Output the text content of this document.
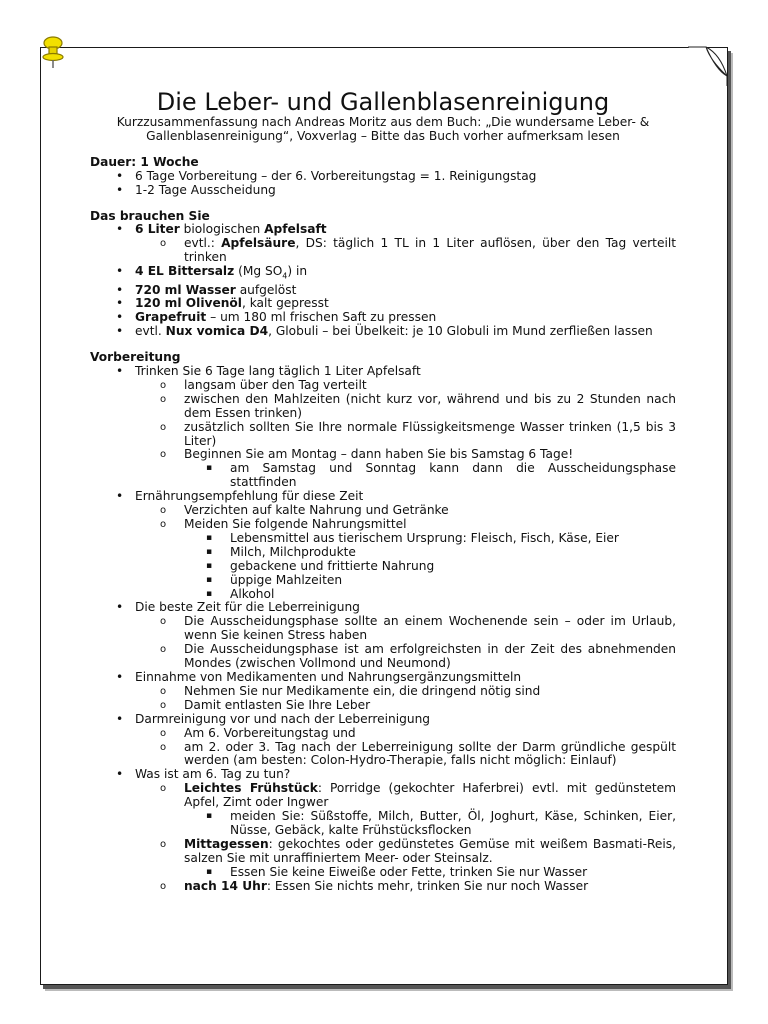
Die Leber- und Gallenblasenreinigung
Kurzzusammenfassung nach Andreas Moritz aus dem Buch: „Die wundersame Leber- &
Gallenblasenreinigung“, Voxverlag – Bitte das Buch vorher aufmerksam lesen
Dauer: 1 Woche
• 6 Tage Vorbereitung – der 6. Vorbereitungstag = 1. Reinigungstag
• 1-2 Tage Ausscheidung
Das brauchen Sie
• 6 Liter biologischen Apfelsaft
o evtl.: Apfelsäure, DS: täglich 1 TL in 1 Liter auflösen, über den Tag verteilt trinken
• 4 EL Bittersalz (Mg $SO_4$) in
• 720 ml Wasser aufgelöst
• 120 ml Olivenöl, kalt gepresst
• Grapefruit – um 180 ml frischen Saft zu pressen
• evtl. Nux vomica D4, Globuli – bei Übelkeit: je 10 Globuli im Mund zerfließen lassen
Vorbereitung
• Trinken Sie 6 Tage lang täglich 1 Liter Apfelsaft
o langsam über den Tag verteilt
o zwischen den Mahlzeiten (nicht kurz vor, während und bis zu 2 Stunden nach dem Essen trinken)
o zusätzlich sollten Sie Ihre normale Flüssigkeitsmenge Wasser trinken (1,5 bis 3 Liter)
o Beginnen Sie am Montag – dann haben Sie bis Samstag 6 Tage!
▪ am Samstag und Sonntag kann dann die Ausscheidungsphase stattfinden
• Ernährungsempfehlung für diese Zeit
o Verzichten auf kalte Nahrung und Getränke
o Meiden Sie folgende Nahrungsmittel
▪ Lebensmittel aus tierischem Ursprung: Fleisch, Fisch, Käse, Eier
▪ Milch, Milchprodukte
▪ gebackene und frittierte Nahrung
▪ üppige Mahlzeiten
▪ Alkohol
• Die beste Zeit für die Leberreinigung
o Die Ausscheidungsphase sollte an einem Wochenende sein – oder im Urlaub, wenn Sie keinen Stress haben
o Die Ausscheidungsphase ist am erfolgreichsten in der Zeit des abnehmenden Mondes (zwischen Vollmond und Neumond)
• Einnahme von Medikamenten und Nahrungsergänzungsmitteln
o Nehmen Sie nur Medikamente ein, die dringend nötig sind
o Damit entlasten Sie Ihre Leber
• Darmreinigung vor und nach der Leberreinigung
o Am 6. Vorbereitungstag und
o am 2. oder 3. Tag nach der Leberreinigung sollte der Darm gründliche gespült werden (am besten: Colon-Hydro-Therapie, falls nicht möglich: Einlauf)
• Was ist am 6. Tag zu tun?
o Leichtes Frühstück: Porridge (gekochter Haferbrei) evtl. mit gedünstetem Apfel, Zimt oder Ingwer
▪ meiden Sie: Süßstoffe, Milch, Butter, Öl, Joghurt, Käse, Schinken, Eier, Nüsse, Gebäck, kalte Frühstücksflocken
o Mittagessen: gekochtes oder gedünstetes Gemüse mit weißem Basmati-Reis, salzen Sie mit unraffiniertem Meer- oder Steinsalz.
▪ Essen Sie keine Eiweiße oder Fette, trinken Sie nur Wasser
o nach 14 Uhr: Essen Sie nichts mehr, trinken Sie nur noch Wasser
